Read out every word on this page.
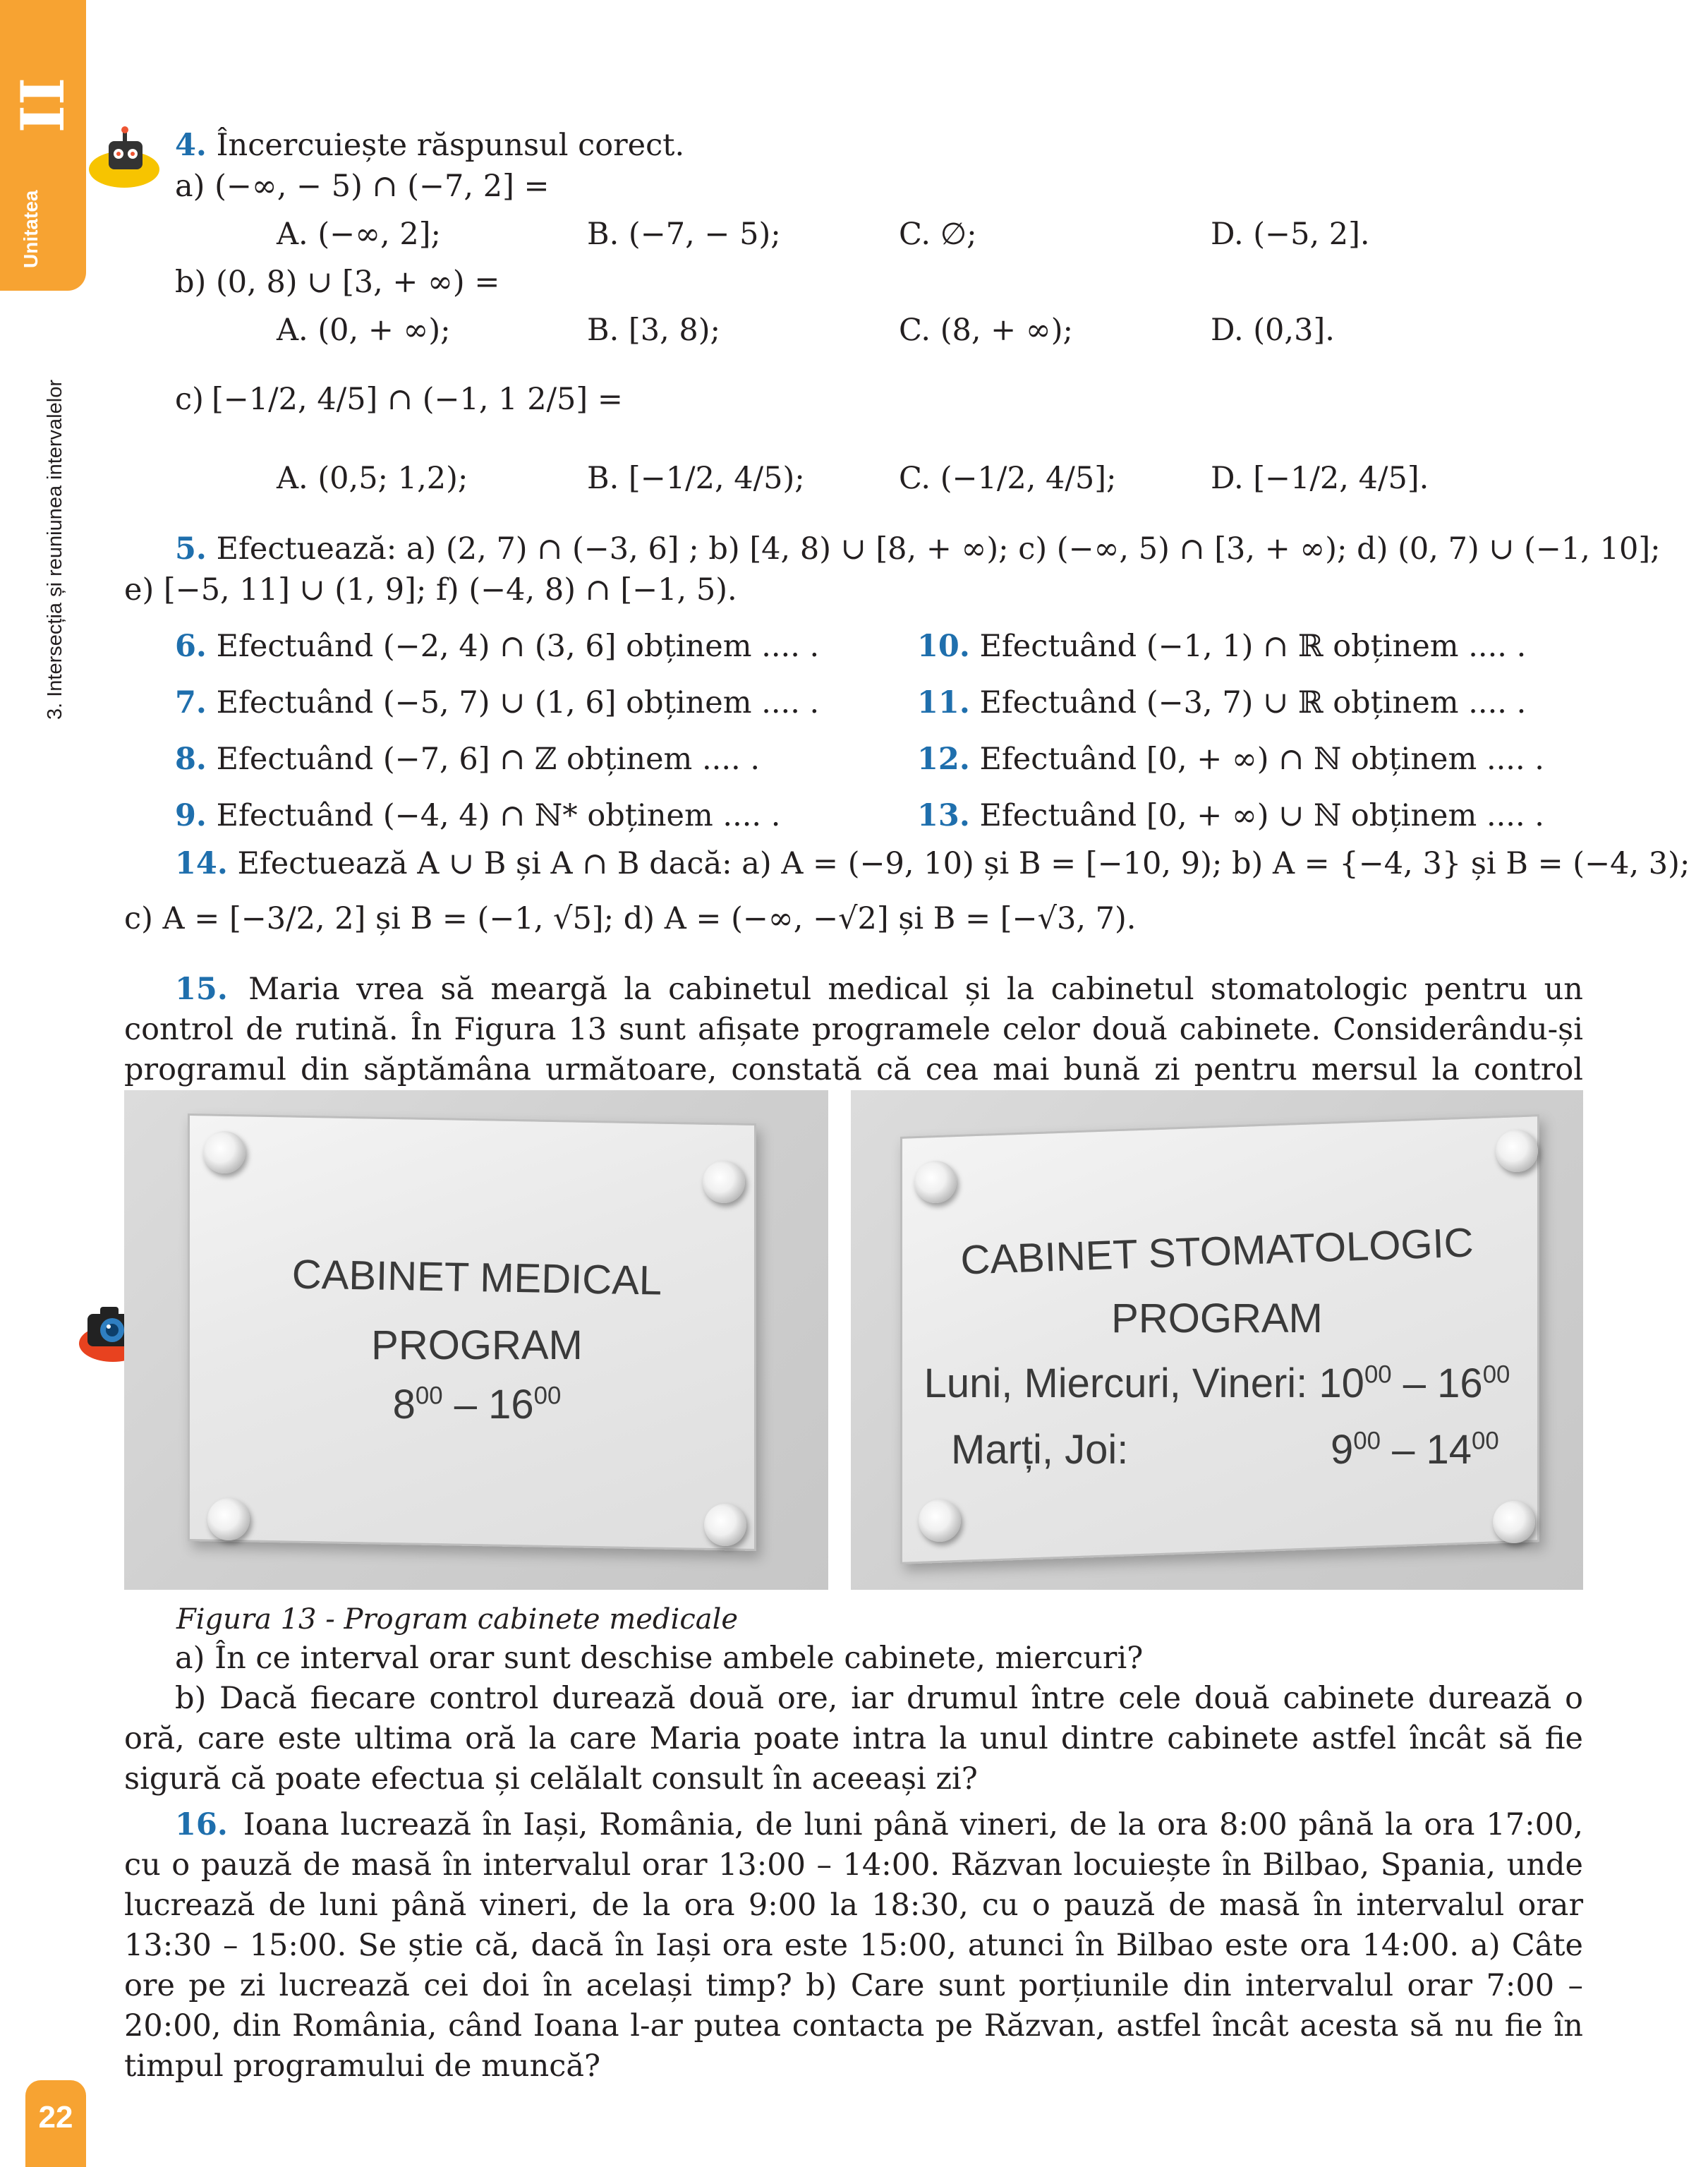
II
Unitatea
3. Intersecția și reuniunea intervalelor
22
4. Încercuiește răspunsul corect.
a) (−∞, − 5) ∩ (−7, 2] =
A. (−∞, 2];	B. (−7, − 5);	C. ∅;	D. (−5, 2].
b) (0, 8) ∪ [3, + ∞) =
A. (0, + ∞);	B. [3, 8);	C. (8, + ∞);	D. (0,3].
c) [−1/2, 4/5] ∩ (−1, 1 2/5] =
A. (0,5; 1,2);	B. [−1/2, 4/5);	C. (−1/2, 4/5];	D. [−1/2, 4/5].
5. Efectuează: a) (2, 7) ∩ (−3, 6] ; b) [4, 8) ∪ [8, + ∞); c) (−∞, 5) ∩ [3, + ∞); d) (0, 7) ∪ (−1, 10];
e) [−5, 11] ∪ (1, 9]; f) (−4, 8) ∩ [−1, 5).
6. Efectuând (−2, 4) ∩ (3, 6] obținem .... .
7. Efectuând (−5, 7) ∪ (1, 6] obținem .... .
8. Efectuând (−7, 6] ∩ ℤ obținem .... .
9. Efectuând (−4, 4) ∩ ℕ* obținem .... .
10. Efectuând (−1, 1) ∩ ℝ obținem .... .
11. Efectuând (−3, 7) ∪ ℝ obținem .... .
12. Efectuând [0, + ∞) ∩ ℕ obținem .... .
13. Efectuând [0, + ∞) ∪ ℕ obținem .... .
14. Efectuează A ∪ B și A ∩ B dacă: a) A = (−9, 10) și B = [−10, 9); b) A = {−4, 3} și B = (−4, 3);
c) A = [−3/2, 2] și B = (−1, √5]; d) A = (−∞, −√2] și B = [−√3, 7).
15. Maria vrea să meargă la cabinetul medical și la cabinetul stomatologic pentru un control de rutină. În Figura 13 sunt afișate programele celor două cabinete. Considerându-și programul din săptămâna următoare, constată că cea mai bună zi pentru mersul la control
CABINET MEDICAL
PROGRAM
$8^{00} - 16^{00}$
CABINET STOMATOLOGIC
PROGRAM
Luni, Miercuri, Vineri: $10^{00} - 16^{00}$
Marți, Joi:	$9^{00} - 14^{00}$
Figura 13 - Program cabinete medicale
a) În ce interval orar sunt deschise ambele cabinete, miercuri?
b) Dacă fiecare control durează două ore, iar drumul între cele două cabinete durează o oră, care este ultima oră la care Maria poate intra la unul dintre cabinete astfel încât să fie sigură că poate efectua și celălalt consult în aceeași zi?
16. Ioana lucrează în Iași, România, de luni până vineri, de la ora 8:00 până la ora 17:00, cu o pauză de masă în intervalul orar 13:00 – 14:00. Răzvan locuiește în Bilbao, Spania, unde lucrează de luni până vineri, de la ora 9:00 la 18:30, cu o pauză de masă în intervalul orar 13:30 – 15:00. Se știe că, dacă în Iași ora este 15:00, atunci în Bilbao este ora 14:00. a) Câte ore pe zi lucrează cei doi în același timp? b) Care sunt porțiunile din intervalul orar 7:00 – 20:00, din România, când Ioana l-ar putea contacta pe Răzvan, astfel încât acesta să nu fie în timpul programului de muncă?
